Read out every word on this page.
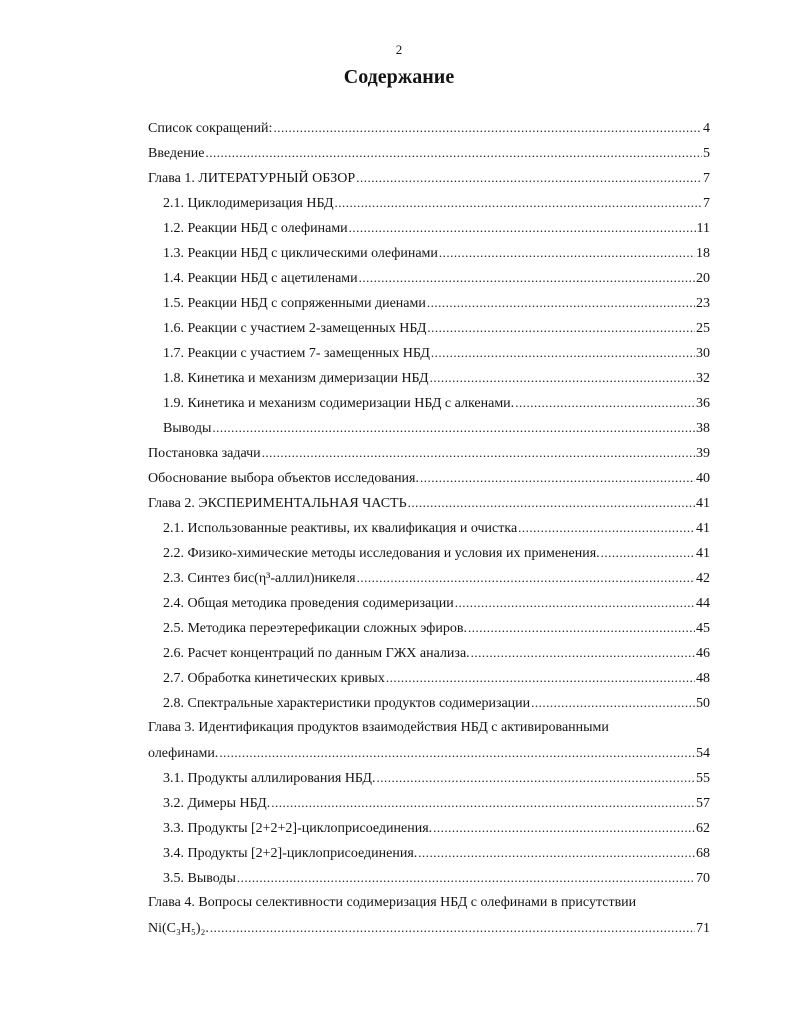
2
Содержание
Список сокращений: .....	4
Введение .....	5
Глава 1. ЛИТЕРАТУРНЫЙ ОБЗОР .....	7
2.1. Циклодимеризация НБД .....	7
1.2. Реакции НБД с олефинами .....	11
1.3. Реакции НБД с циклическими олефинами .....	18
1.4. Реакции НБД с ацетиленами .....	20
1.5. Реакции НБД с сопряженными диенами .....	23
1.6. Реакции с участием 2-замещенных НБД .....	25
1.7. Реакции с участием 7- замещенных НБД .....	30
1.8. Кинетика и механизм димеризации НБД .....	32
1.9. Кинетика и механизм содимеризации НБД с алкенами. .....	36
Выводы .....	38
Постановка задачи .....	39
Обоснование выбора объектов исследования. .....	40
Глава 2. ЭКСПЕРИМЕНТАЛЬНАЯ ЧАСТЬ .....	41
2.1. Использованные реактивы, их квалификация и очистка .....	41
2.2. Физико-химические методы исследования и условия их применения. .....	41
2.3. Синтез бис(η³-аллил)никеля .....	42
2.4. Общая методика проведения содимеризации .....	44
2.5. Методика переэтерефикации сложных эфиров. .....	45
2.6. Расчет концентраций по данным ГЖХ анализа. .....	46
2.7. Обработка кинетических кривых .....	48
2.8. Спектральные характеристики продуктов содимеризации .....	50
Глава 3. Идентификация продуктов взаимодействия НБД с активированными
олефинами. .....	54
3.1. Продукты аллилирования НБД. .....	55
3.2. Димеры НБД. .....	57
3.3. Продукты [2+2+2]-циклоприсоединения. .....	62
3.4. Продукты [2+2]-циклоприсоединения. .....	68
3.5. Выводы .....	70
Глава 4. Вопросы селективности содимеризация НБД с олефинами в присутствии
Ni(C₃H₅)₂. .....	71
